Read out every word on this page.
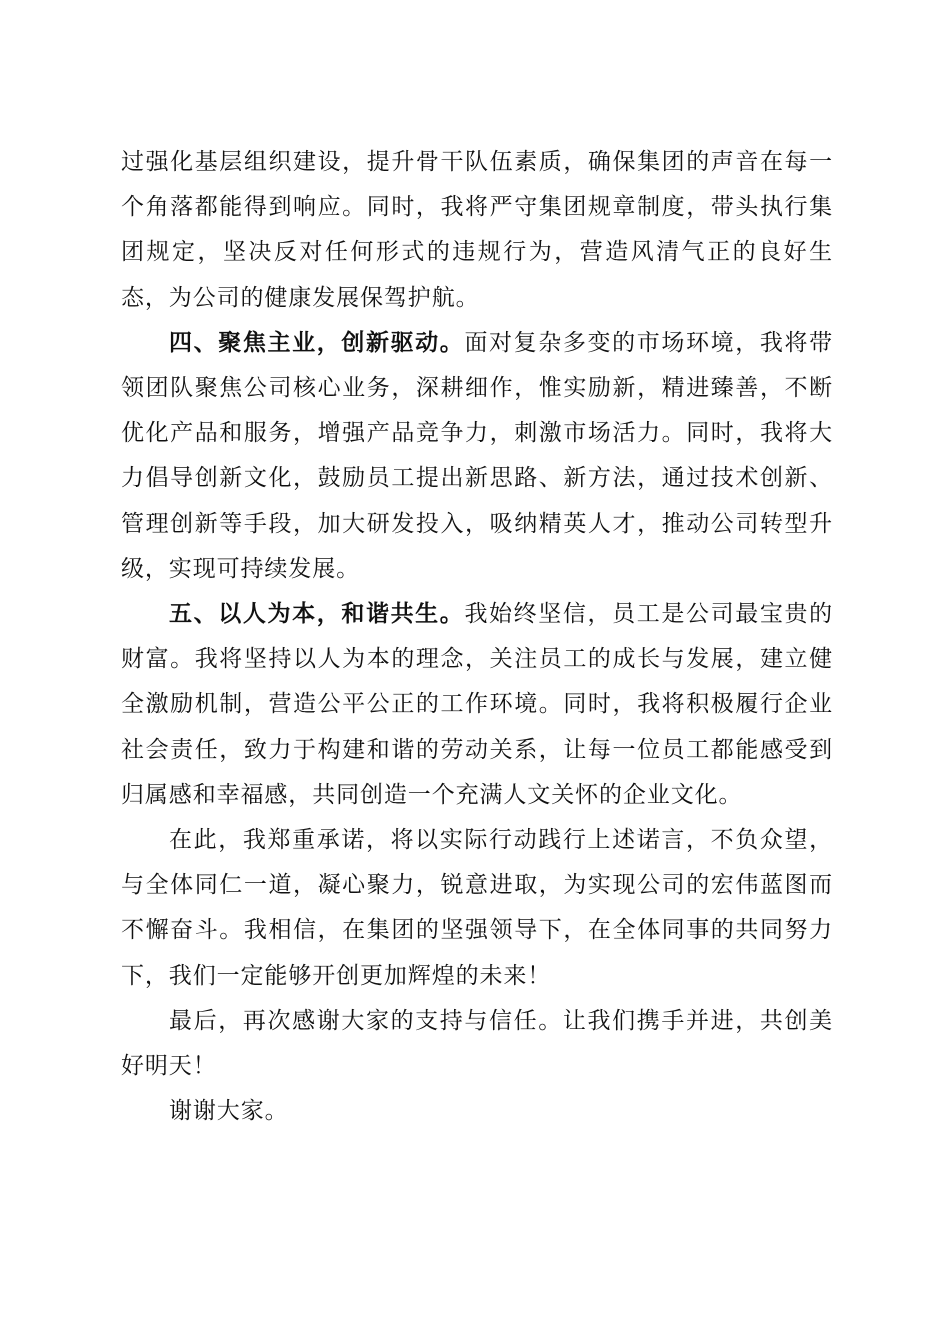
过强化基层组织建设，提升骨干队伍素质，确保集团的声音在每一个角落都能得到响应。同时，我将严守集团规章制度，带头执行集团规定，坚决反对任何形式的违规行为，营造风清气正的良好生态，为公司的健康发展保驾护航。

四、聚焦主业，创新驱动。面对复杂多变的市场环境，我将带领团队聚焦公司核心业务，深耕细作，惟实励新，精进臻善，不断优化产品和服务，增强产品竞争力，刺激市场活力。同时，我将大力倡导创新文化，鼓励员工提出新思路、新方法，通过技术创新、管理创新等手段，加大研发投入，吸纳精英人才，推动公司转型升级，实现可持续发展。

五、以人为本，和谐共生。我始终坚信，员工是公司最宝贵的财富。我将坚持以人为本的理念，关注员工的成长与发展，建立健全激励机制，营造公平公正的工作环境。同时，我将积极履行企业社会责任，致力于构建和谐的劳动关系，让每一位员工都能感受到归属感和幸福感，共同创造一个充满人文关怀的企业文化。

在此，我郑重承诺，将以实际行动践行上述诺言，不负众望，与全体同仁一道，凝心聚力，锐意进取，为实现公司的宏伟蓝图而不懈奋斗。我相信，在集团的坚强领导下，在全体同事的共同努力下，我们一定能够开创更加辉煌的未来！

最后，再次感谢大家的支持与信任。让我们携手并进，共创美好明天！

谢谢大家。
